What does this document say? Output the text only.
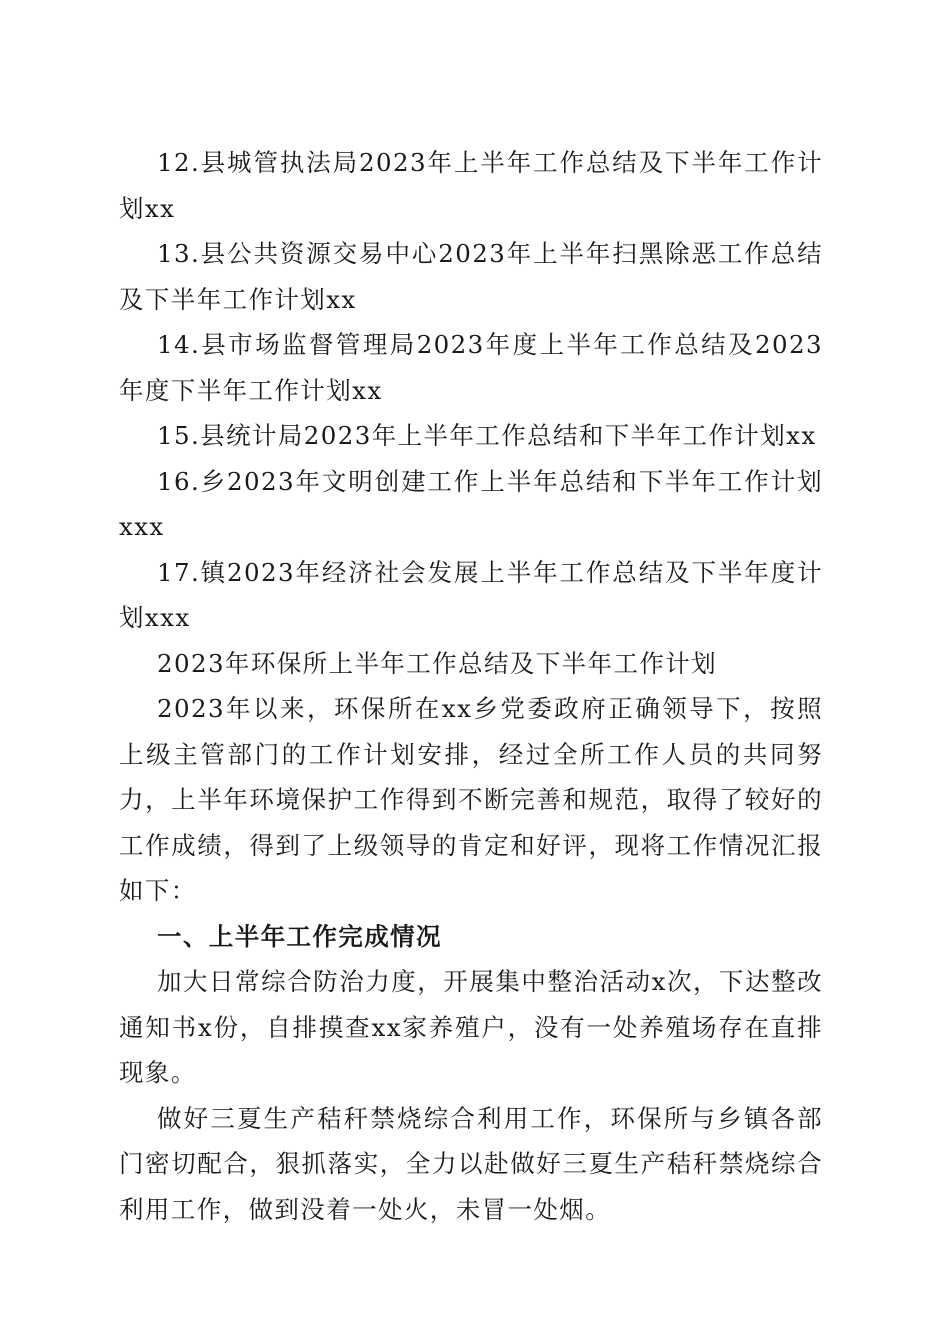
12.县城管执法局2023年上半年工作总结及下半年工作计划xx

13.县公共资源交易中心2023年上半年扫黑除恶工作总结及下半年工作计划xx

14.县市场监督管理局2023年度上半年工作总结及2023年度下半年工作计划xx

15.县统计局2023年上半年工作总结和下半年工作计划xx

16.乡2023年文明创建工作上半年总结和下半年工作计划xxx

17.镇2023年经济社会发展上半年工作总结及下半年度计划xxx

2023年环保所上半年工作总结及下半年工作计划

2023年以来，环保所在xx乡党委政府正确领导下，按照上级主管部门的工作计划安排，经过全所工作人员的共同努力，上半年环境保护工作得到不断完善和规范，取得了较好的工作成绩，得到了上级领导的肯定和好评，现将工作情况汇报如下：

一、上半年工作完成情况

加大日常综合防治力度，开展集中整治活动x次，下达整改通知书x份，自排摸查xx家养殖户，没有一处养殖场存在直排现象。

做好三夏生产秸秆禁烧综合利用工作，环保所与乡镇各部门密切配合，狠抓落实，全力以赴做好三夏生产秸秆禁烧综合利用工作，做到没着一处火，未冒一处烟。
